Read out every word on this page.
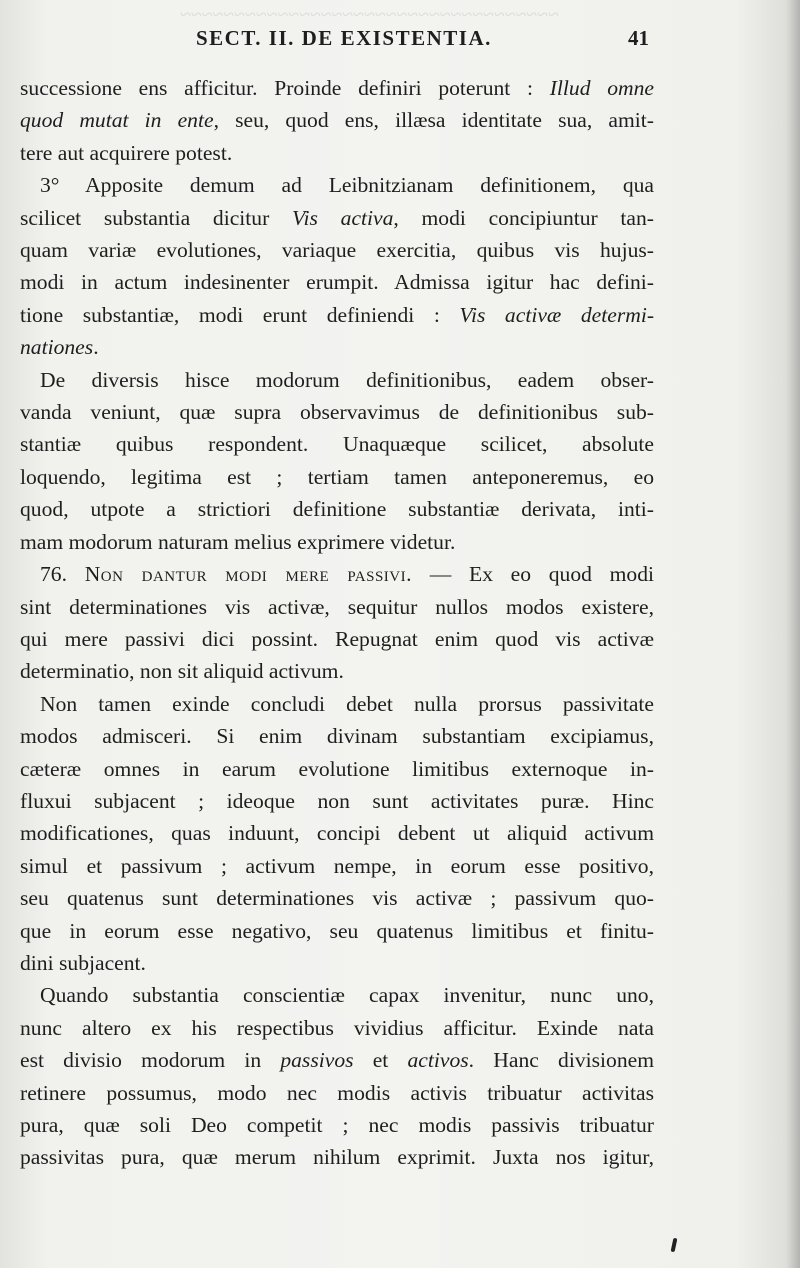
~~~~~~~~~~~~~~~~~~~~~~~~~~~~~~~~~~~
SECT. II. DE EXISTENTIA.	41

successione ens afficitur. Proinde definiri poterunt : Illud omne
quod mutat in ente, seu, quod ens, illæsa identitate sua, amit-
tere aut acquirere potest.

3° Apposite demum ad Leibnitzianam definitionem, qua
scilicet substantia dicitur Vis activa, modi concipiuntur tan-
quam variæ evolutiones, variaque exercitia, quibus vis hujus-
modi in actum indesinenter erumpit. Admissa igitur hac defini-
tione substantiæ, modi erunt definiendi : Vis activæ determi-
nationes.

De diversis hisce modorum definitionibus, eadem obser-
vanda veniunt, quæ supra observavimus de definitionibus sub-
stantiæ quibus respondent. Unaquæque scilicet, absolute
loquendo, legitima est ; tertiam tamen anteponeremus, eo
quod, utpote a strictiori definitione substantiæ derivata, inti-
mam modorum naturam melius exprimere videtur.

76. Non dantur modi mere passivi. — Ex eo quod modi
sint determinationes vis activæ, sequitur nullos modos existere,
qui mere passivi dici possint. Repugnat enim quod vis activæ
determinatio, non sit aliquid activum.

Non tamen exinde concludi debet nulla prorsus passivitate
modos admisceri. Si enim divinam substantiam excipiamus,
cæteræ omnes in earum evolutione limitibus externoque in-
fluxui subjacent ; ideoque non sunt activitates puræ. Hinc
modificationes, quas induunt, concipi debent ut aliquid activum
simul et passivum ; activum nempe, in eorum esse positivo,
seu quatenus sunt determinationes vis activæ ; passivum quo-
que in eorum esse negativo, seu quatenus limitibus et finitu-
dini subjacent.

Quando substantia conscientiæ capax invenitur, nunc uno,
nunc altero ex his respectibus vividius afficitur. Exinde nata
est divisio modorum in passivos et activos. Hanc divisionem
retinere possumus, modo nec modis activis tribuatur activitas
pura, quæ soli Deo competit ; nec modis passivis tribuatur
passivitas pura, quæ merum nihilum exprimit. Juxta nos igitur,
